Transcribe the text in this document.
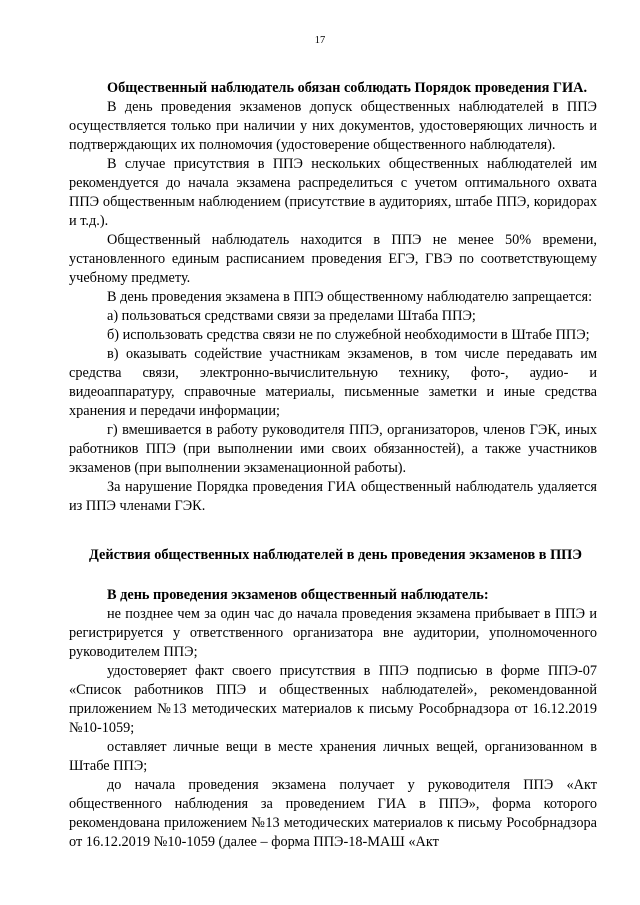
17

Общественный наблюдатель обязан соблюдать Порядок проведения ГИА.

В день проведения экзаменов допуск общественных наблюдателей в ППЭ осуществляется только при наличии у них документов, удостоверяющих личность и подтверждающих их полномочия (удостоверение общественного наблюдателя).

В случае присутствия в ППЭ нескольких общественных наблюдателей им рекомендуется до начала экзамена распределиться с учетом оптимального охвата ППЭ общественным наблюдением (присутствие в аудиториях, штабе ППЭ, коридорах и т.д.).

Общественный наблюдатель находится в ППЭ не менее 50% времени, установленного единым расписанием проведения ЕГЭ, ГВЭ по соответствующему учебному предмету.

В день проведения экзамена в ППЭ общественному наблюдателю запрещается:

а) пользоваться средствами связи за пределами Штаба ППЭ;

б) использовать средства связи не по служебной необходимости в Штабе ППЭ;

в) оказывать содействие участникам экзаменов, в том числе передавать им средства связи, электронно-вычислительную технику, фото-, аудио- и видеоаппаратуру, справочные материалы, письменные заметки и иные средства хранения и передачи информации;

г) вмешивается в работу руководителя ППЭ, организаторов, членов ГЭК, иных работников ППЭ (при выполнении ими своих обязанностей), а также участников экзаменов (при выполнении экзаменационной работы).

За нарушение Порядка проведения ГИА общественный наблюдатель удаляется из ППЭ членами ГЭК.

Действия общественных наблюдателей в день проведения экзаменов в ППЭ

В день проведения экзаменов общественный наблюдатель:

не позднее чем за один час до начала проведения экзамена прибывает в ППЭ и регистрируется у ответственного организатора вне аудитории, уполномоченного руководителем ППЭ;

удостоверяет факт своего присутствия в ППЭ подписью в форме ППЭ-07 «Список работников ППЭ и общественных наблюдателей», рекомендованной приложением №13 методических материалов к письму Рособрнадзора от 16.12.2019 №10-1059;

оставляет личные вещи в месте хранения личных вещей, организованном в Штабе ППЭ;

до начала проведения экзамена получает у руководителя ППЭ «Акт общественного наблюдения за проведением ГИА в ППЭ», форма которого рекомендована приложением №13 методических материалов к письму Рособрнадзора от 16.12.2019 №10-1059 (далее – форма ППЭ-18-МАШ «Акт
